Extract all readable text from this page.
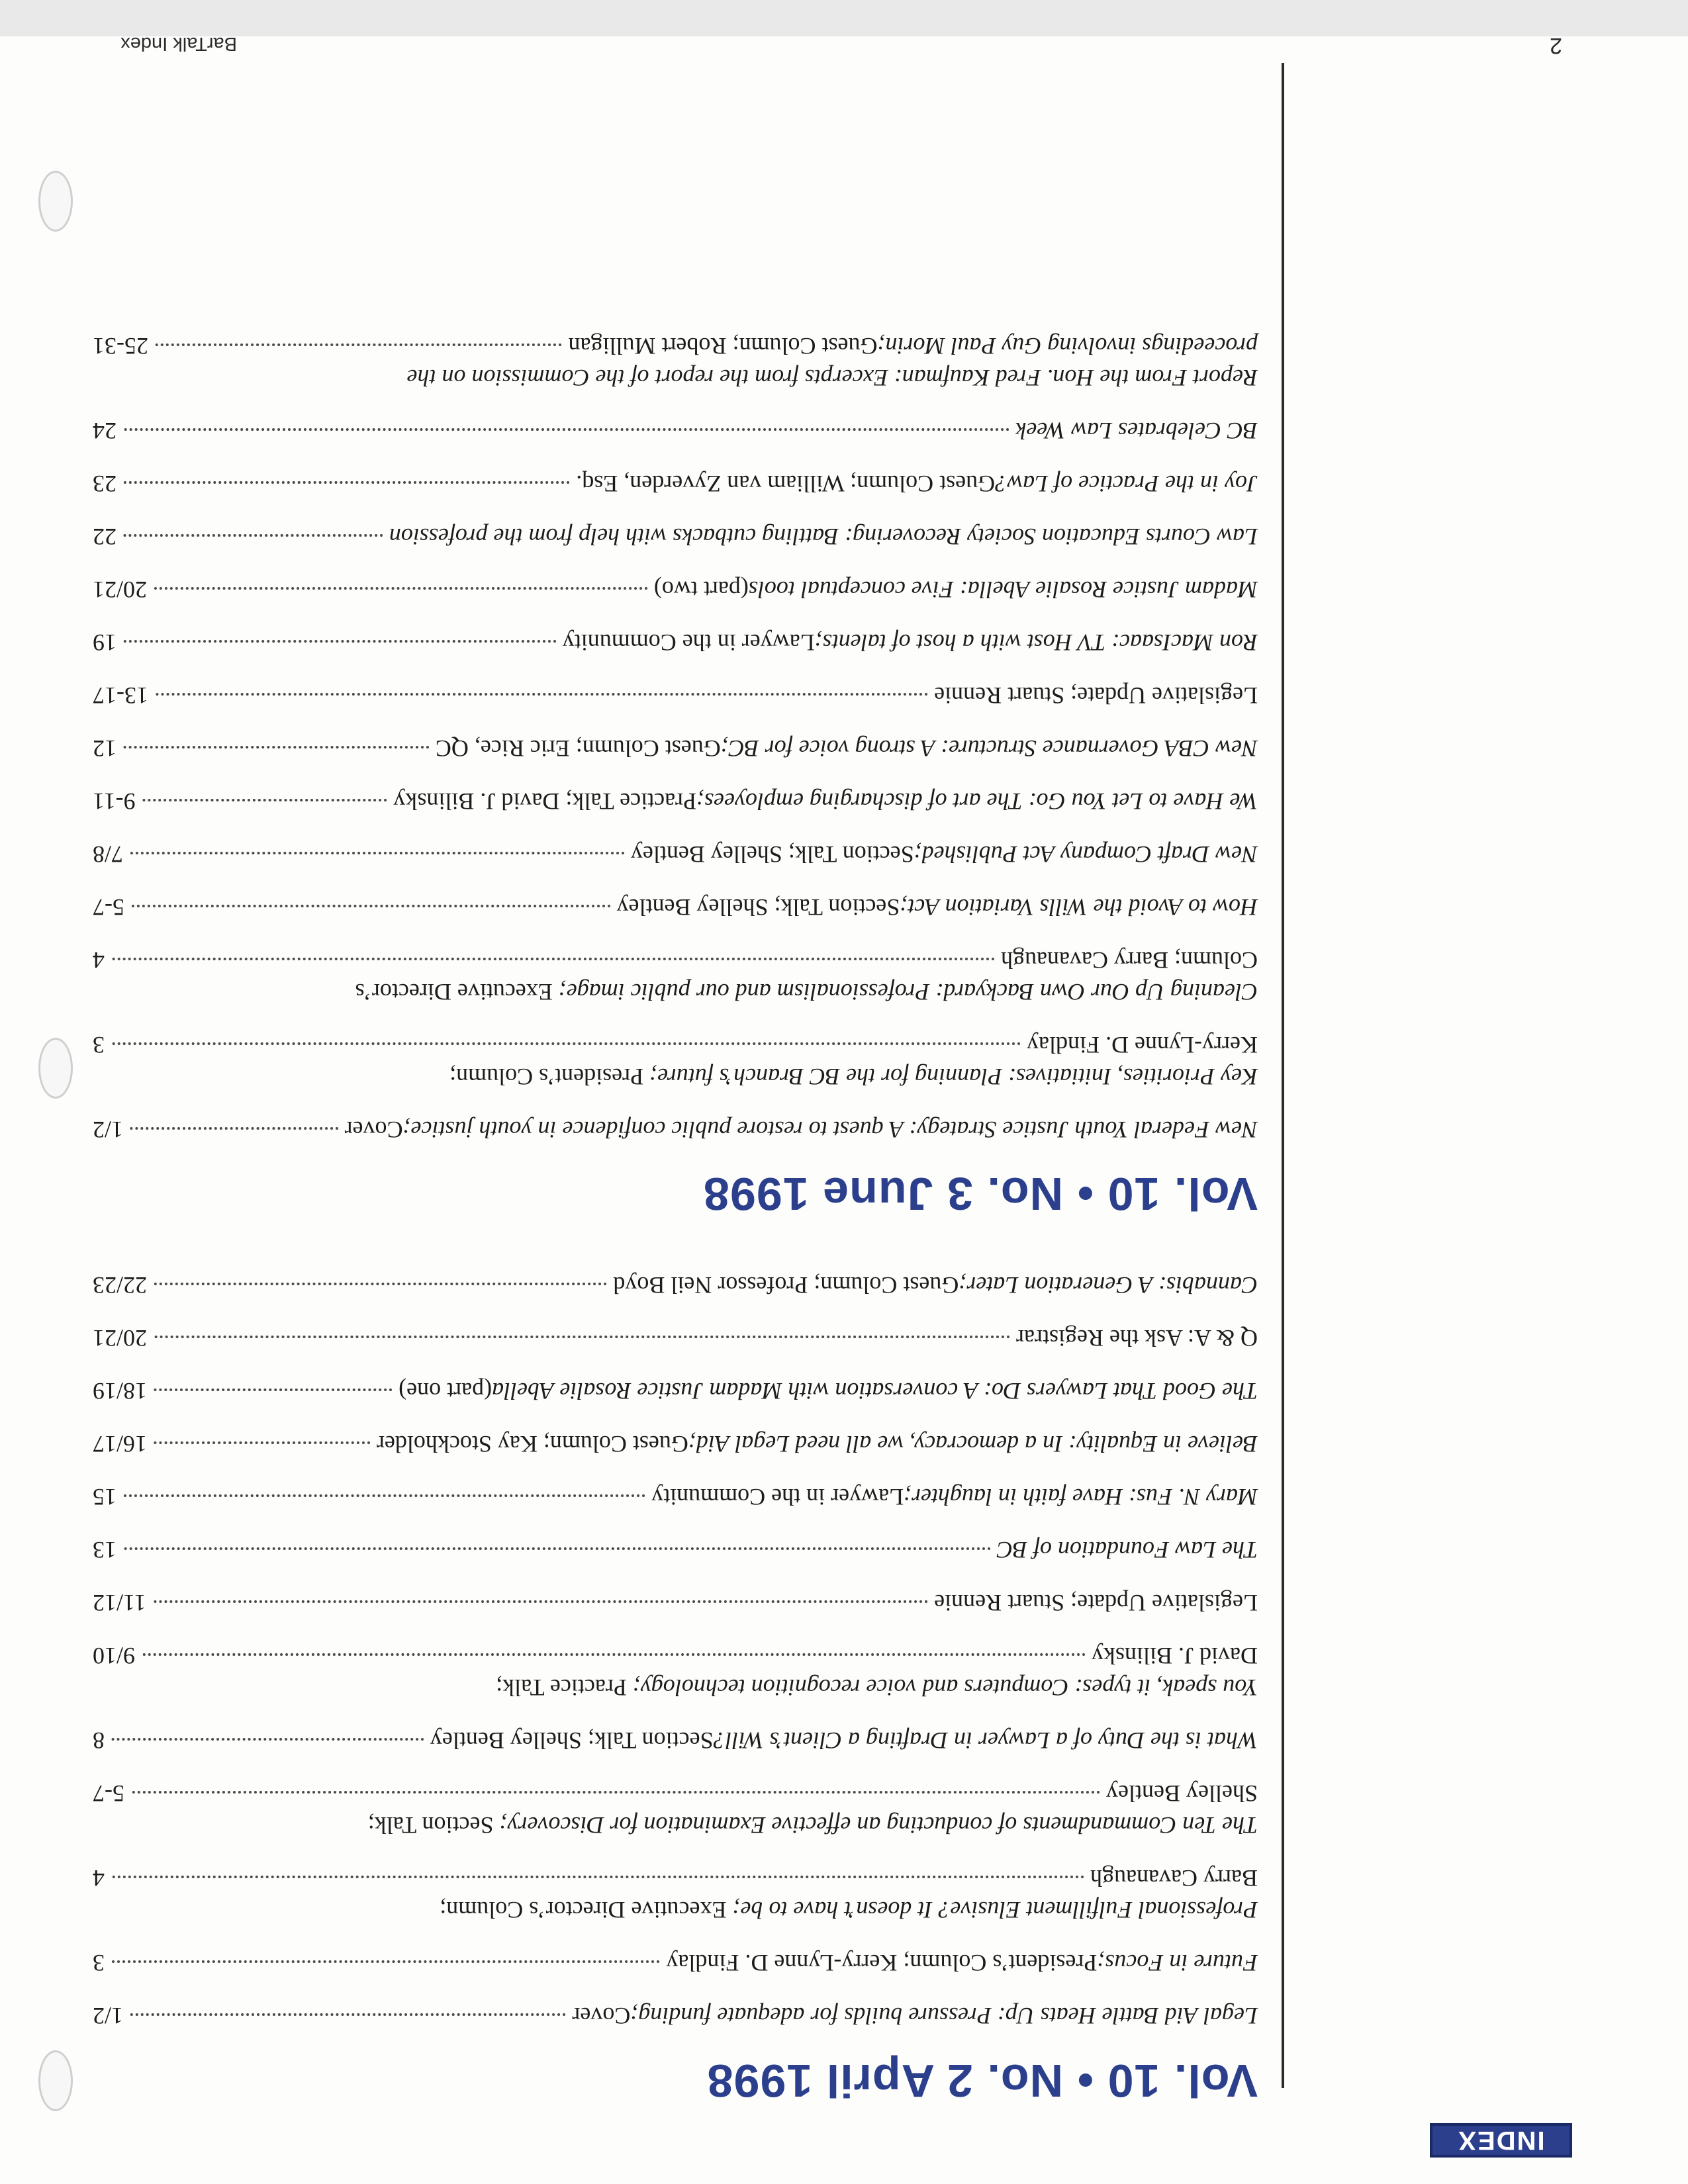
BarTalk Index	2
INDEX
Vol. 10 • No. 2 April 1998
Legal Aid Battle Heats Up: Pressure builds for adequate funding;
Cover
1/2
Future in Focus;
President’s Column; Kerry-Lynne D. Findlay
3
Professional Fulfillment Elusive? It doesn’t have to be; Executive Director’s Column;
Barry Cavanaugh
4
The Ten Commandments of conducting an effective Examination for Discovery; Section Talk;
Shelley Bentley
5-7
What is the Duty of a Lawyer in Drafting a Client’s Will?
Section Talk; Shelley Bentley
8
You speak, it types: Computers and voice recognition technology; Practice Talk;
David J. Bilinsky
9/10
Legislative Update; Stuart Rennie
11/12
The Law Foundation of BC
13
Mary N. Fus: Have faith in laughter;
Lawyer in the Community
15
Believe in Equality: In a democracy, we all need Legal Aid;
Guest Column; Kay Stockholder
16/17
The Good That Lawyers Do: A conversation with Madam Justice Rosalie Abella
(part one)
18/19
Q & A: Ask the Registrar
20/21
Cannabis: A Generation Later;
Guest Column; Professor Neil Boyd
22/23
Vol. 10 • No. 3 June 1998
New Federal Youth Justice Strategy: A quest to restore public confidence in youth justice;
Cover
1/2
Key Priorities, Initiatives: Planning for the BC Branch’s future; President’s Column;
Kerry-Lynne D. Findlay
3
Cleaning Up Our Own Backyard: Professionalism and our public image; Executive Director’s
Column; Barry Cavanaugh
4
How to Avoid the Wills Variation Act;
Section Talk; Shelley Bentley
5-7
New Draft Company Act Published;
Section Talk; Shelley Bentley
7/8
We Have to Let You Go: The art of discharging employees;
Practice Talk; David J. Bilinsky
9-11
New CBA Governance Structure: A strong voice for BC;
Guest Column; Eric Rice, QC
12
Legislative Update; Stuart Rennie
13-17
Ron MacIsaac: TV Host with a host of talents;
Lawyer in the Community
19
Madam Justice Rosalie Abella: Five conceptual tools
(part two)
20/21
Law Courts Education Society Recovering: Battling cutbacks with help from the profession
22
Joy in the Practice of Law?
Guest Column; William van Zyverden, Esq.
23
BC Celebrates Law Week
24
Report From the Hon. Fred Kaufman: Excerpts from the report of the Commission on the
proceedings involving Guy Paul Morin;
Guest Column; Robert Mulligan
25-31
